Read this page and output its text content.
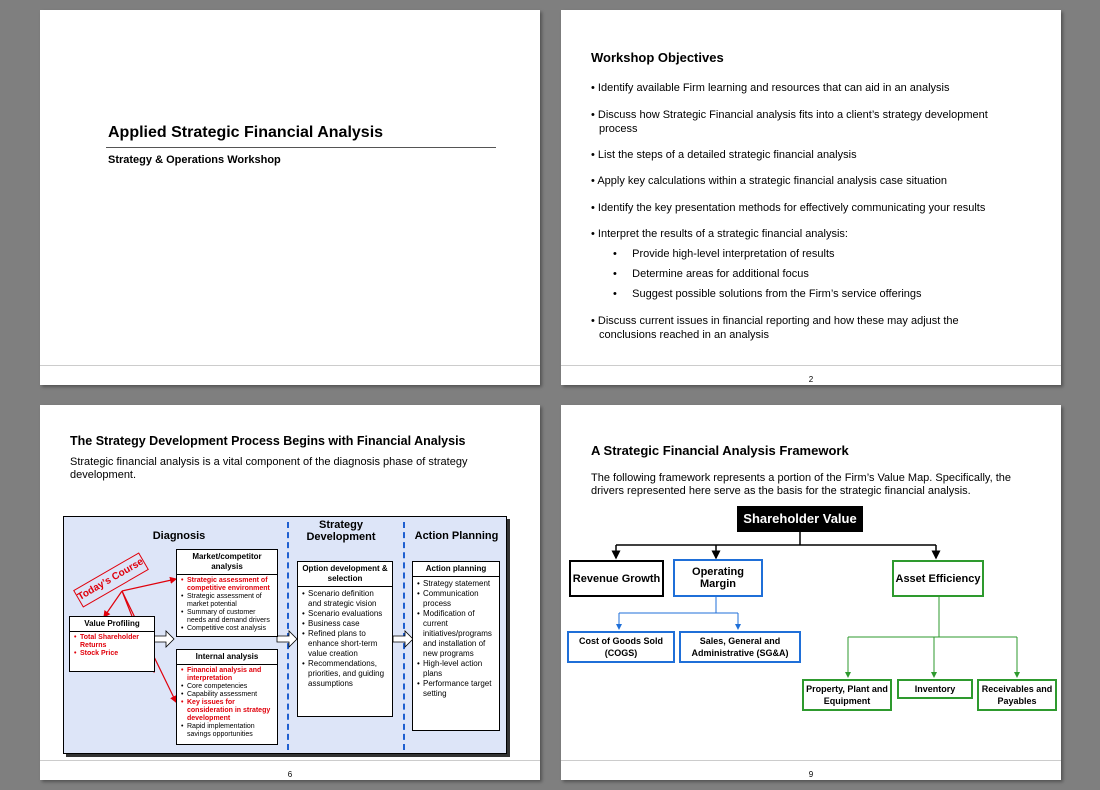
Applied Strategic Financial Analysis
Strategy & Operations Workshop
Workshop Objectives
• Identify available Firm learning and resources that can aid in an analysis
• Discuss how Strategic Financial analysis fits into a client’s strategy development process
• List the steps of a detailed strategic financial analysis
• Apply key calculations within a strategic financial analysis case situation
• Identify the key presentation methods for effectively communicating your results
• Interpret the results of a strategic financial analysis:
•     Provide high-level interpretation of results
•     Determine areas for additional focus
•     Suggest possible solutions from the Firm’s service offerings
• Discuss current issues in financial reporting and how these may adjust the conclusions reached in an analysis
2
The Strategy Development Process Begins with Financial Analysis
Strategic financial analysis is a vital component of the diagnosis phase of strategy development.
Diagnosis
Strategy Development	Action Planning
Today’s Course
Value Profiling
• Total Shareholder Returns
• Stock Price
Market/competitor analysis
• Strategic assessment of competitive environment
• Strategic assessment of market potential
• Summary of customer needs and demand drivers
• Competitive cost analysis
Internal analysis
• Financial analysis and interpretation
• Core competencies
• Capability assessment
• Key issues for consideration in strategy development
• Rapid implementation savings opportunities
Option development & selection
• Scenario definition and strategic vision
• Scenario evaluations
• Business case
• Refined plans to enhance short-term value creation
• Recommendations, priorities, and guiding assumptions
Action planning
• Strategy statement
• Communication process
• Modification of current initiatives/programs and installation of new programs
• High-level action plans
• Performance target setting
6
A Strategic Financial Analysis Framework
The following framework represents a portion of the Firm’s Value Map. Specifically, the drivers represented here serve as the basis for the strategic financial analysis.
Shareholder Value
Revenue Growth
Operating Margin	Asset Efficiency
Cost of Goods Sold (COGS)
Sales, General and Administrative (SG&A)
Property, Plant and Equipment
Inventory	Receivables and Payables
9
